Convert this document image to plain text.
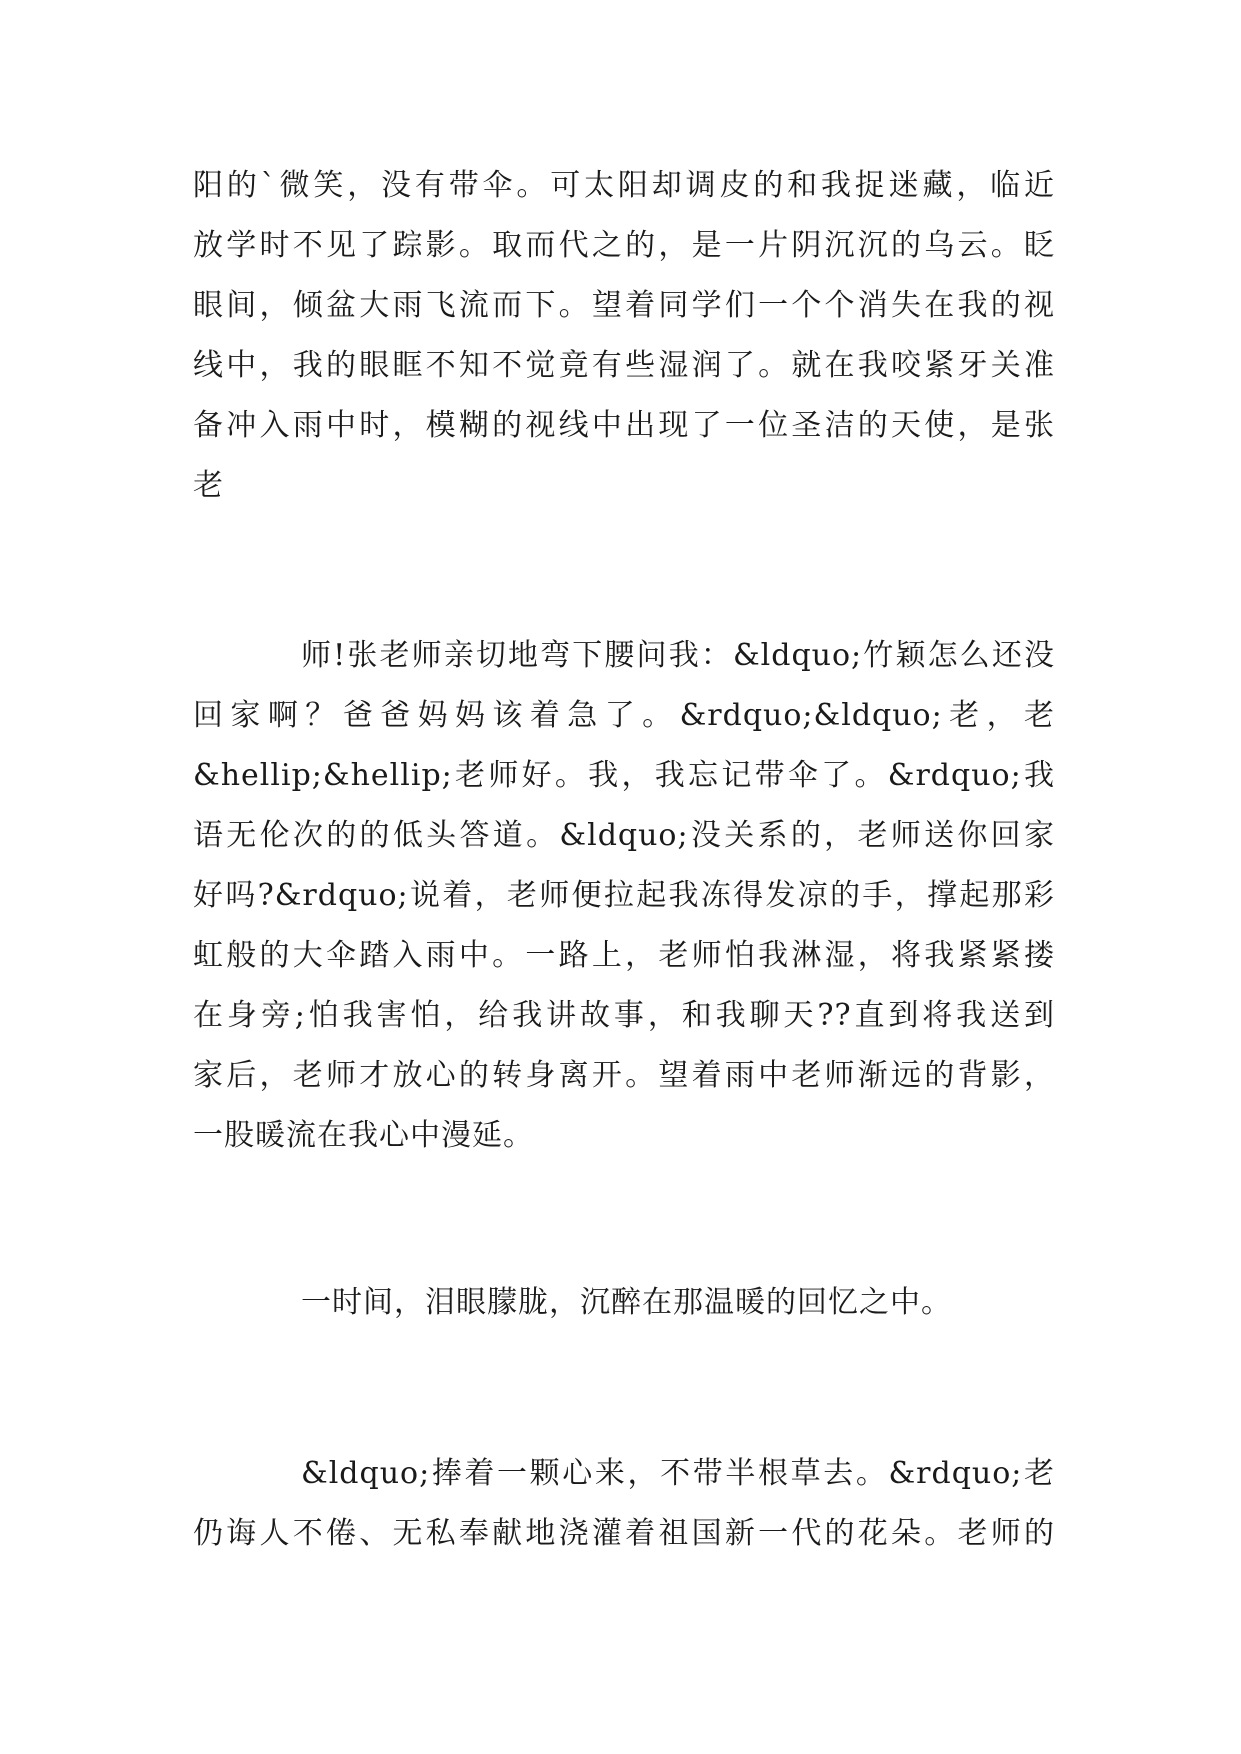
阳的`微笑，没有带伞。可太阳却调皮的和我捉迷藏，临近
放学时不见了踪影。取而代之的，是一片阴沉沉的乌云。眨
眼间，倾盆大雨飞流而下。望着同学们一个个消失在我的视
线中，我的眼眶不知不觉竟有些湿润了。就在我咬紧牙关准
备冲入雨中时，模糊的视线中出现了一位圣洁的天使，是张
老
师!张老师亲切地弯下腰问我：&ldquo;竹颖怎么还没
回家啊？爸爸妈妈该着急了。&rdquo;&ldquo;老，老
&hellip;&hellip;老师好。我，我忘记带伞了。&rdquo;我
语无伦次的的低头答道。&ldquo;没关系的，老师送你回家
好吗?&rdquo;说着，老师便拉起我冻得发凉的手，撑起那彩
虹般的大伞踏入雨中。一路上，老师怕我淋湿，将我紧紧搂
在身旁;怕我害怕，给我讲故事，和我聊天??直到将我送到
家后，老师才放心的转身离开。望着雨中老师渐远的背影，
一股暖流在我心中漫延。
一时间，泪眼朦胧，沉醉在那温暖的回忆之中。
&ldquo;捧着一颗心来，不带半根草去。&rdquo;老
仍诲人不倦、无私奉献地浇灌着祖国新一代的花朵。老师的
